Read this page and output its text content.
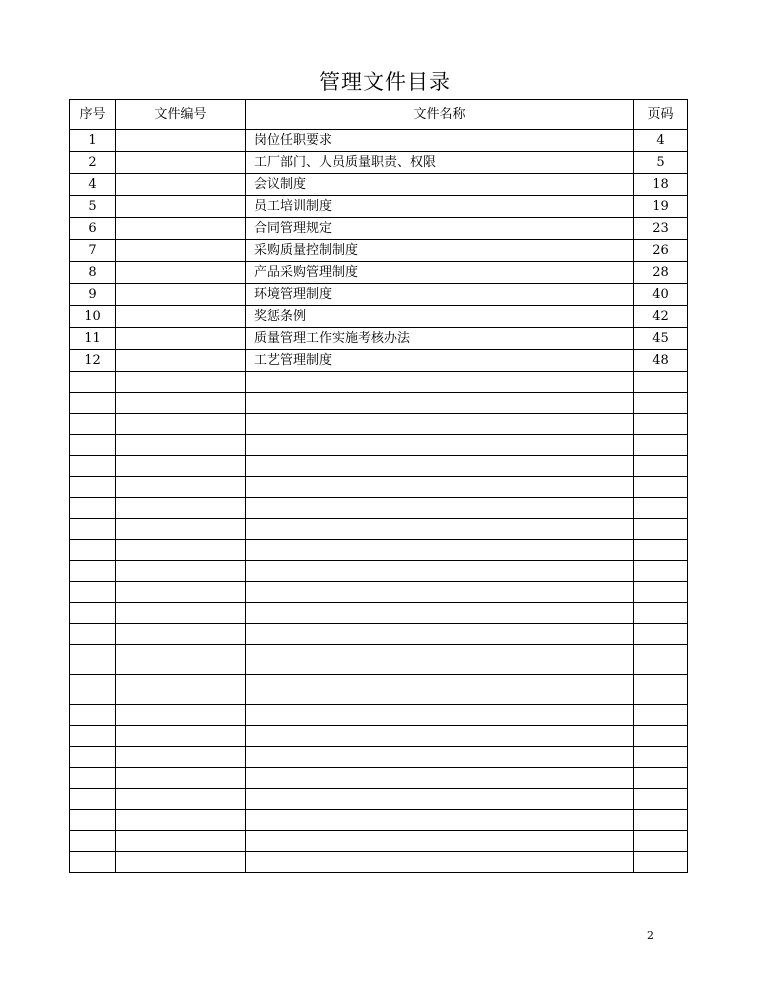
管理文件目录
序号	文件编号	文件名称	页码
1		岗位任职要求	4
2		工厂部门、人员质量职责、权限	5
4		会议制度	18
5		员工培训制度	19
6		合同管理规定	23
7		采购质量控制制度	26
8		产品采购管理制度	28
9		环境管理制度	40
10		奖惩条例	42
11		质量管理工作实施考核办法	45
12		工艺管理制度	48

2
